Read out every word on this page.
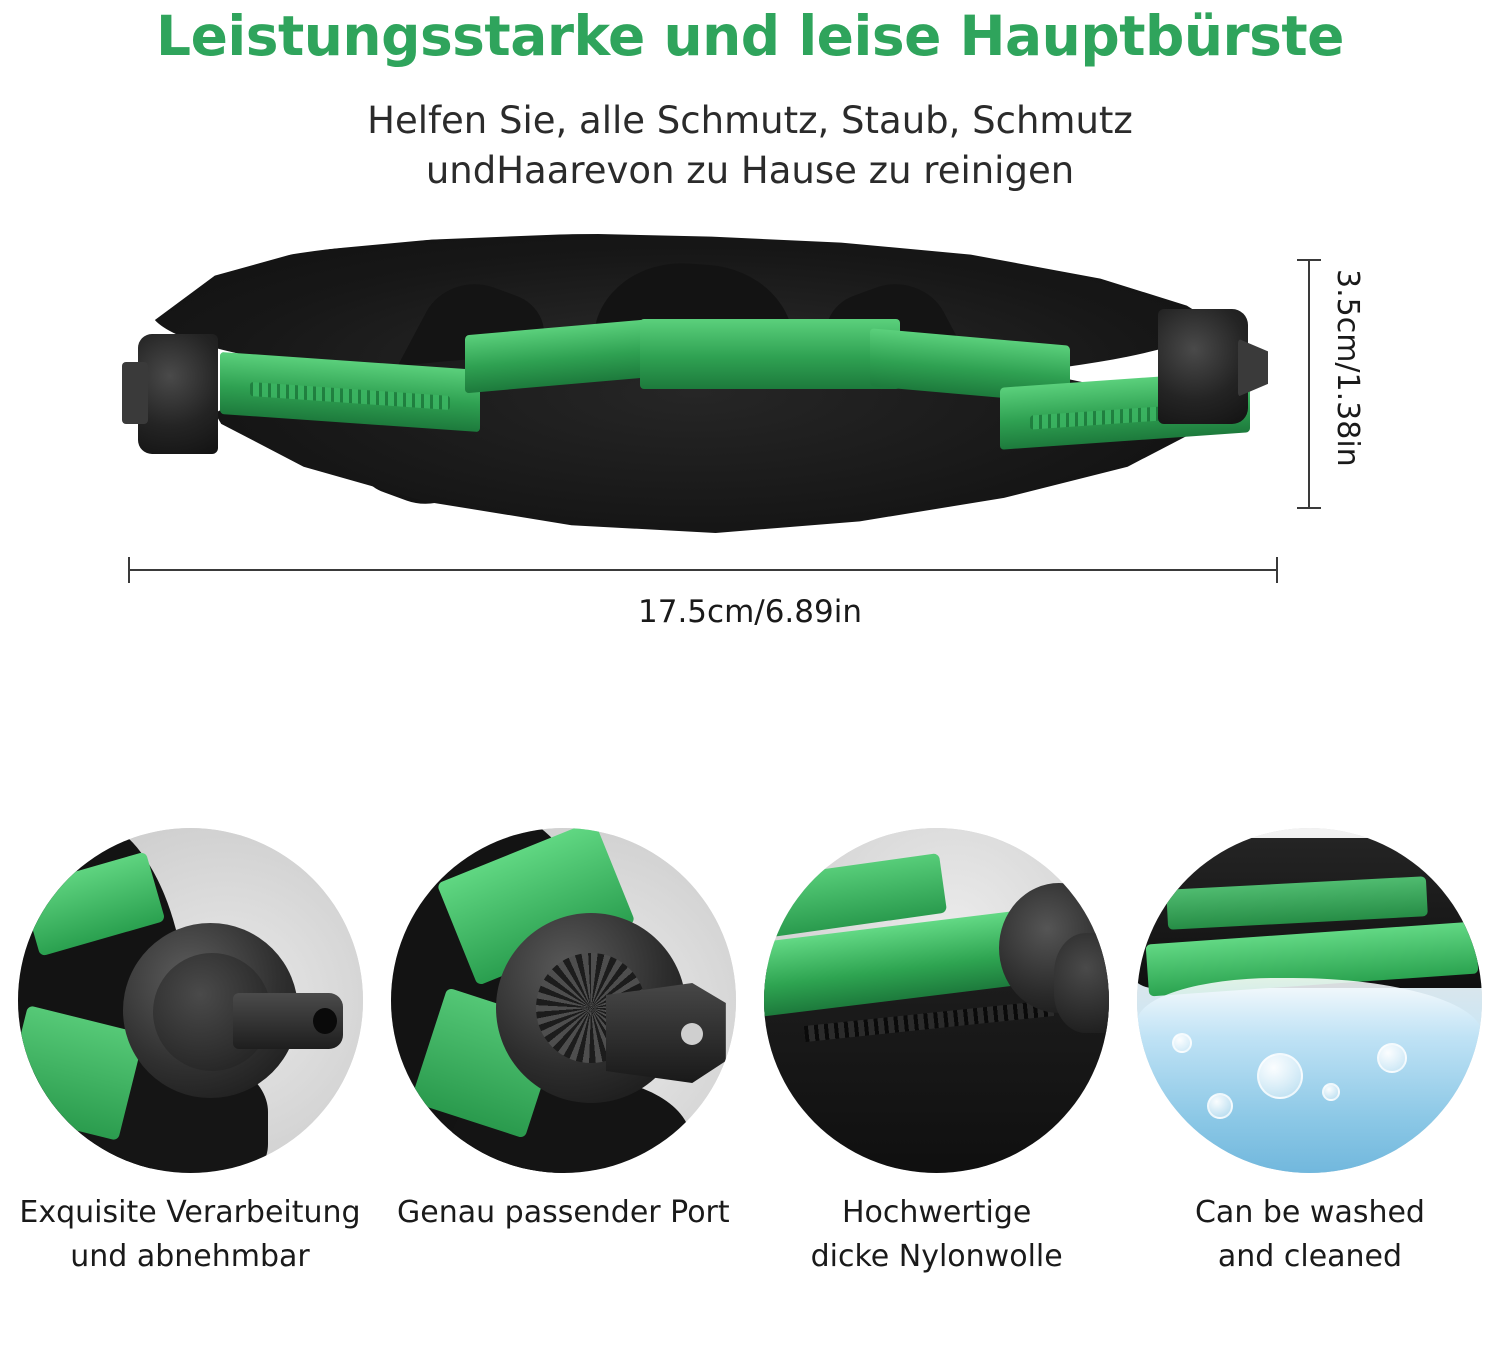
Leistungsstarke und leise Hauptbürste
Helfen Sie, alle Schmutz, Staub, Schmutz
undHaarevon zu Hause zu reinigen
3.5cm/1.38in
17.5cm/6.89in
Exquisite Verarbeitung
und abnehmbar
Genau passender Port	Hochwertige
dicke Nylonwolle
Can be washed
and cleaned
